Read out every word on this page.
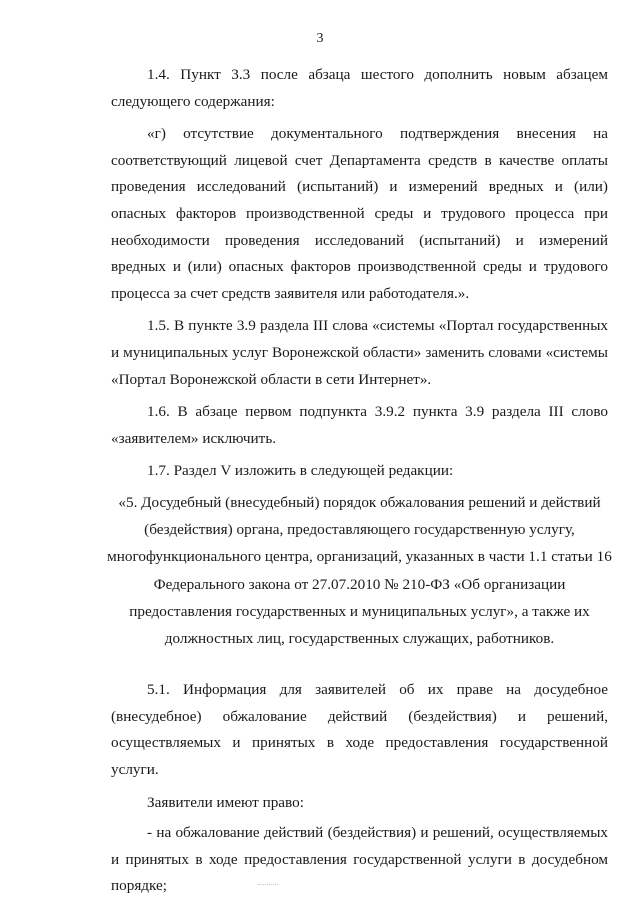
3

1.4. Пункт 3.3 после абзаца шестого дополнить новым абзацем следующего содержания:

«г) отсутствие документального подтверждения внесения на соответствующий лицевой счет Департамента средств в качестве оплаты проведения исследований (испытаний) и измерений вредных и (или) опасных факторов производственной среды и трудового процесса при необходимости проведения исследований (испытаний) и измерений вредных и (или) опасных факторов производственной среды и трудового процесса за счет средств заявителя или работодателя.».

1.5. В пункте 3.9 раздела III слова «системы «Портал государственных и муниципальных услуг Воронежской области» заменить словами «системы «Портал Воронежской области в сети Интернет».

1.6. В абзаце первом подпункта 3.9.2 пункта 3.9 раздела III слово «заявителем» исключить.

1.7. Раздел V изложить в следующей редакции:

«5. Досудебный (внесудебный) порядок обжалования решений и действий

(бездействия) органа, предоставляющего государственную услугу,

многофункционального центра, организаций, указанных в части 1.1 статьи 16

Федерального закона от 27.07.2010 № 210-ФЗ «Об организации

предоставления государственных и муниципальных услуг», а также их

должностных лиц, государственных служащих, работников.

5.1. Информация для заявителей об их праве на досудебное (внесудебное) обжалование действий (бездействия) и решений, осуществляемых и принятых в ходе предоставления государственной услуги.

Заявители имеют право:

- на обжалование действий (бездействия) и решений, осуществляемых и принятых в ходе предоставления государственной услуги в досудебном порядке;
